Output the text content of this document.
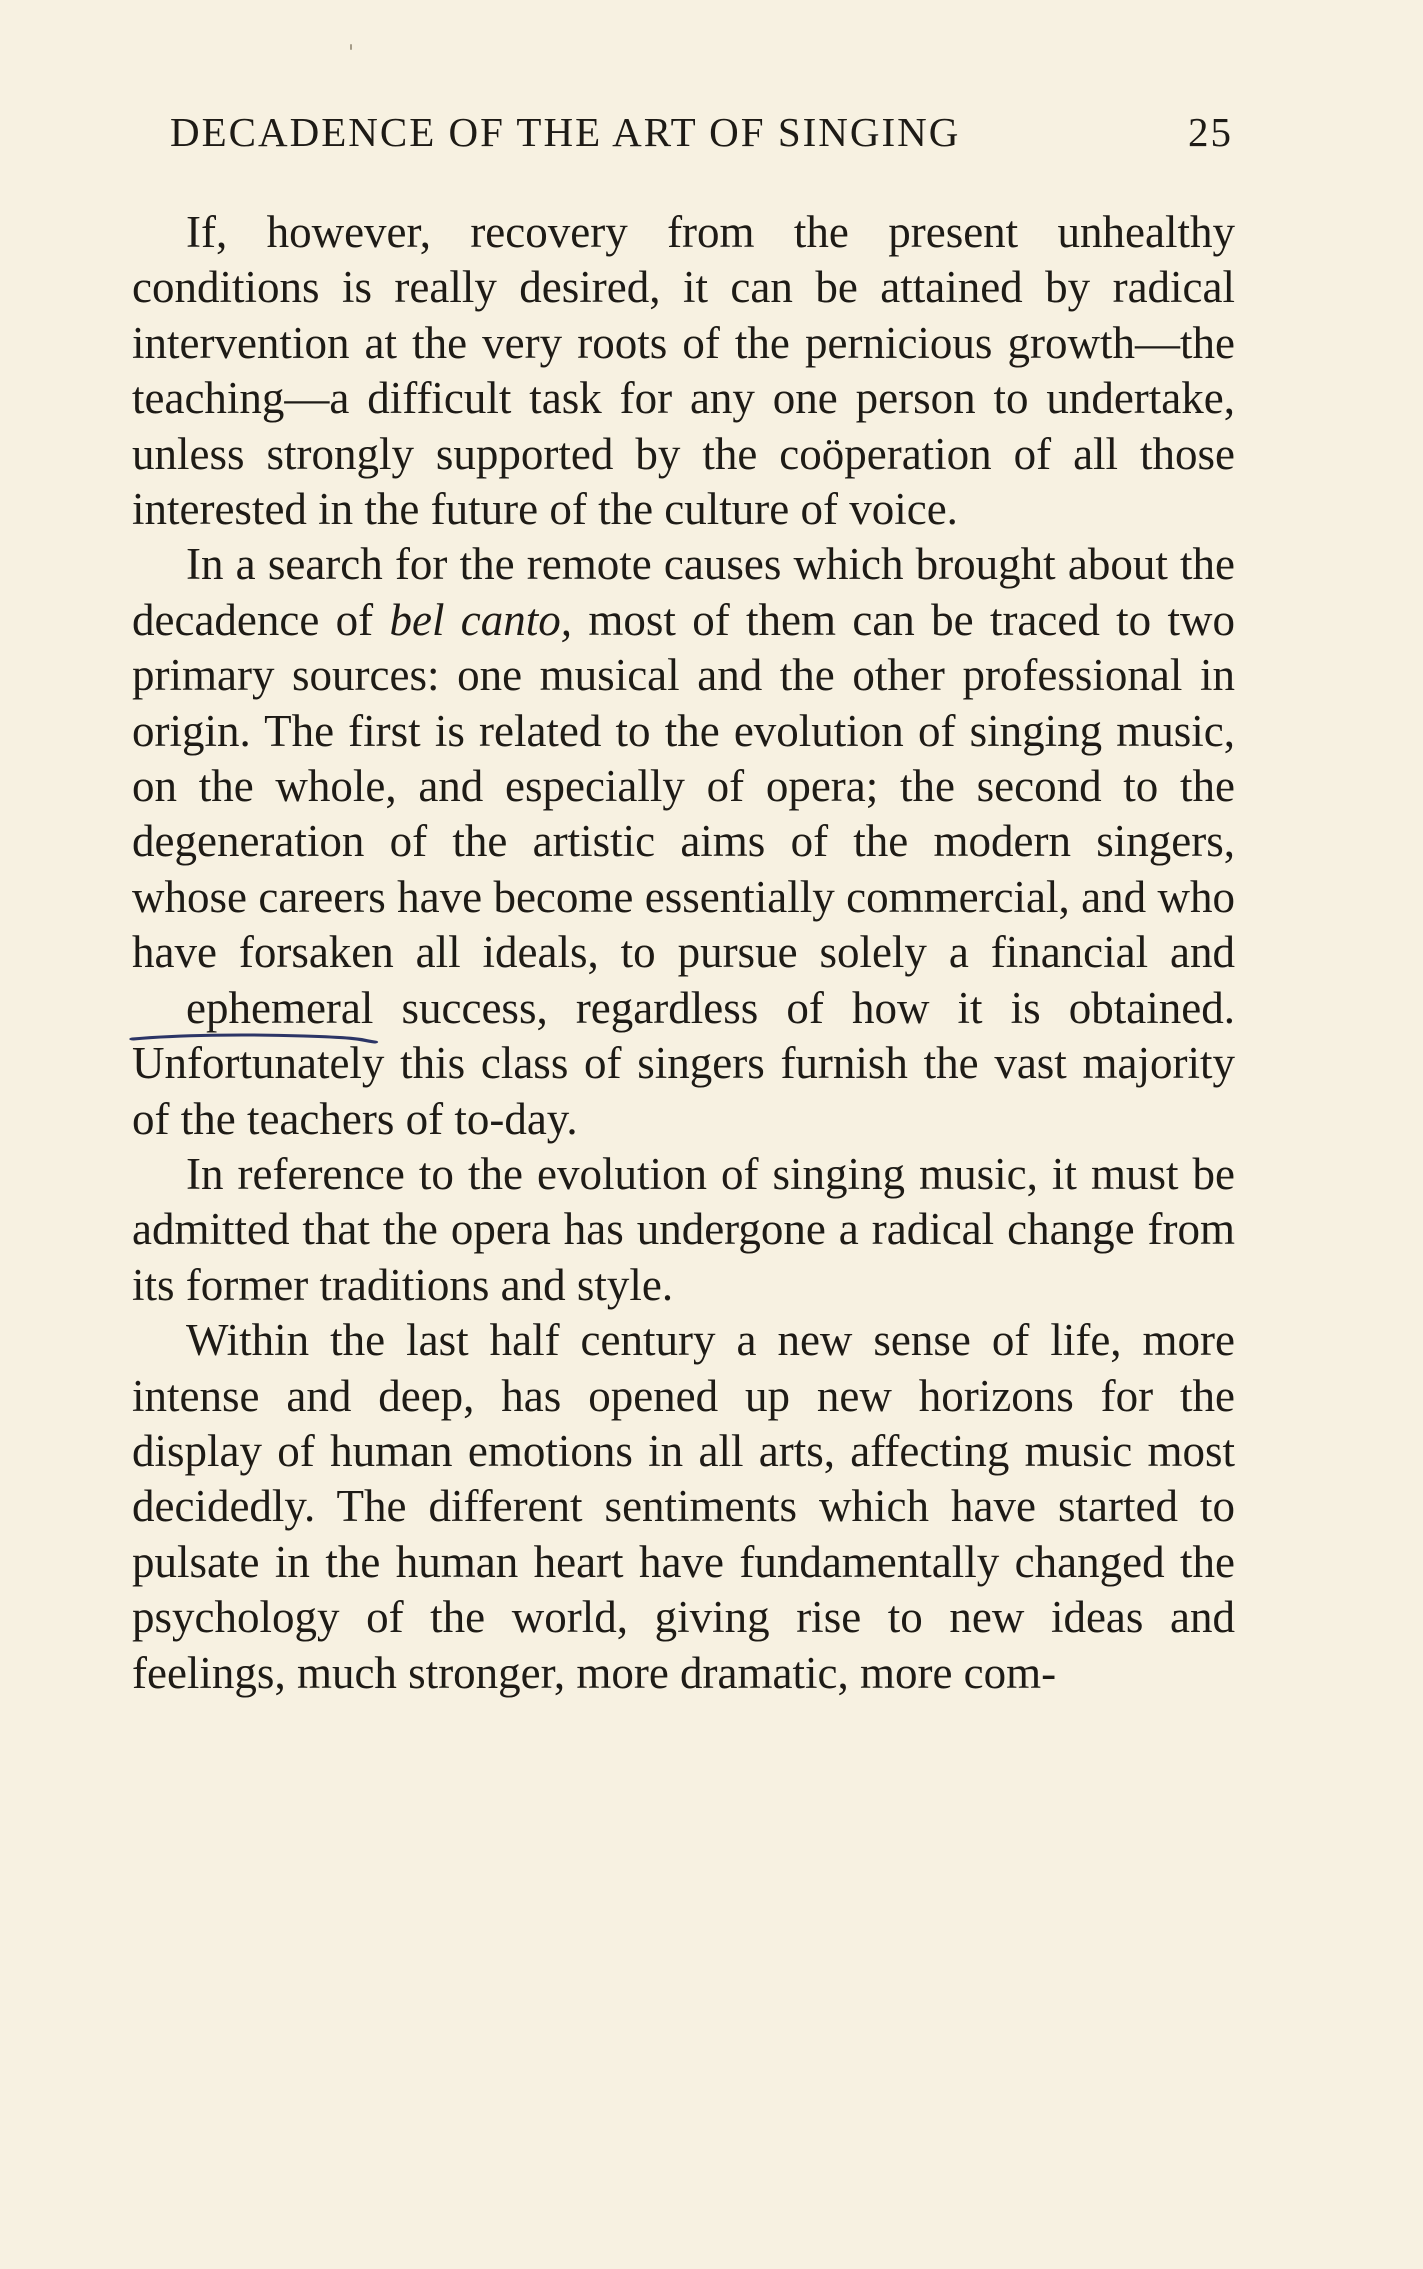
DECADENCE OF THE ART OF SINGING	25

If, however, recovery from the present unhealthy conditions is really desired, it can be attained by radical intervention at the very roots of the pernicious growth—the teaching—a difficult task for any one person to undertake, unless strongly supported by the coöperation of all those interested in the future of the culture of voice.

In a search for the remote causes which brought about the decadence of bel canto, most of them can be traced to two primary sources: one musical and the other professional in origin. The first is related to the evolution of singing music, on the whole, and especially of opera; the second to the degeneration of the artistic aims of the modern singers, whose careers have become essentially commercial, and who have forsaken all ideals, to pursue solely a financial and ephemeral
success, regardless of how it is obtained. Unfortunately this class of singers furnish the vast majority of the teachers of to-day.

In reference to the evolution of singing music, it must be admitted that the opera has undergone a radical change from its former traditions and style.

Within the last half century a new sense of life, more intense and deep, has opened up new horizons for the display of human emotions in all arts, affecting music most decidedly. The different sentiments which have started to pulsate in the human heart have fundamentally changed the psychology of the world, giving rise to new ideas and feelings, much stronger, more dramatic, more com-
